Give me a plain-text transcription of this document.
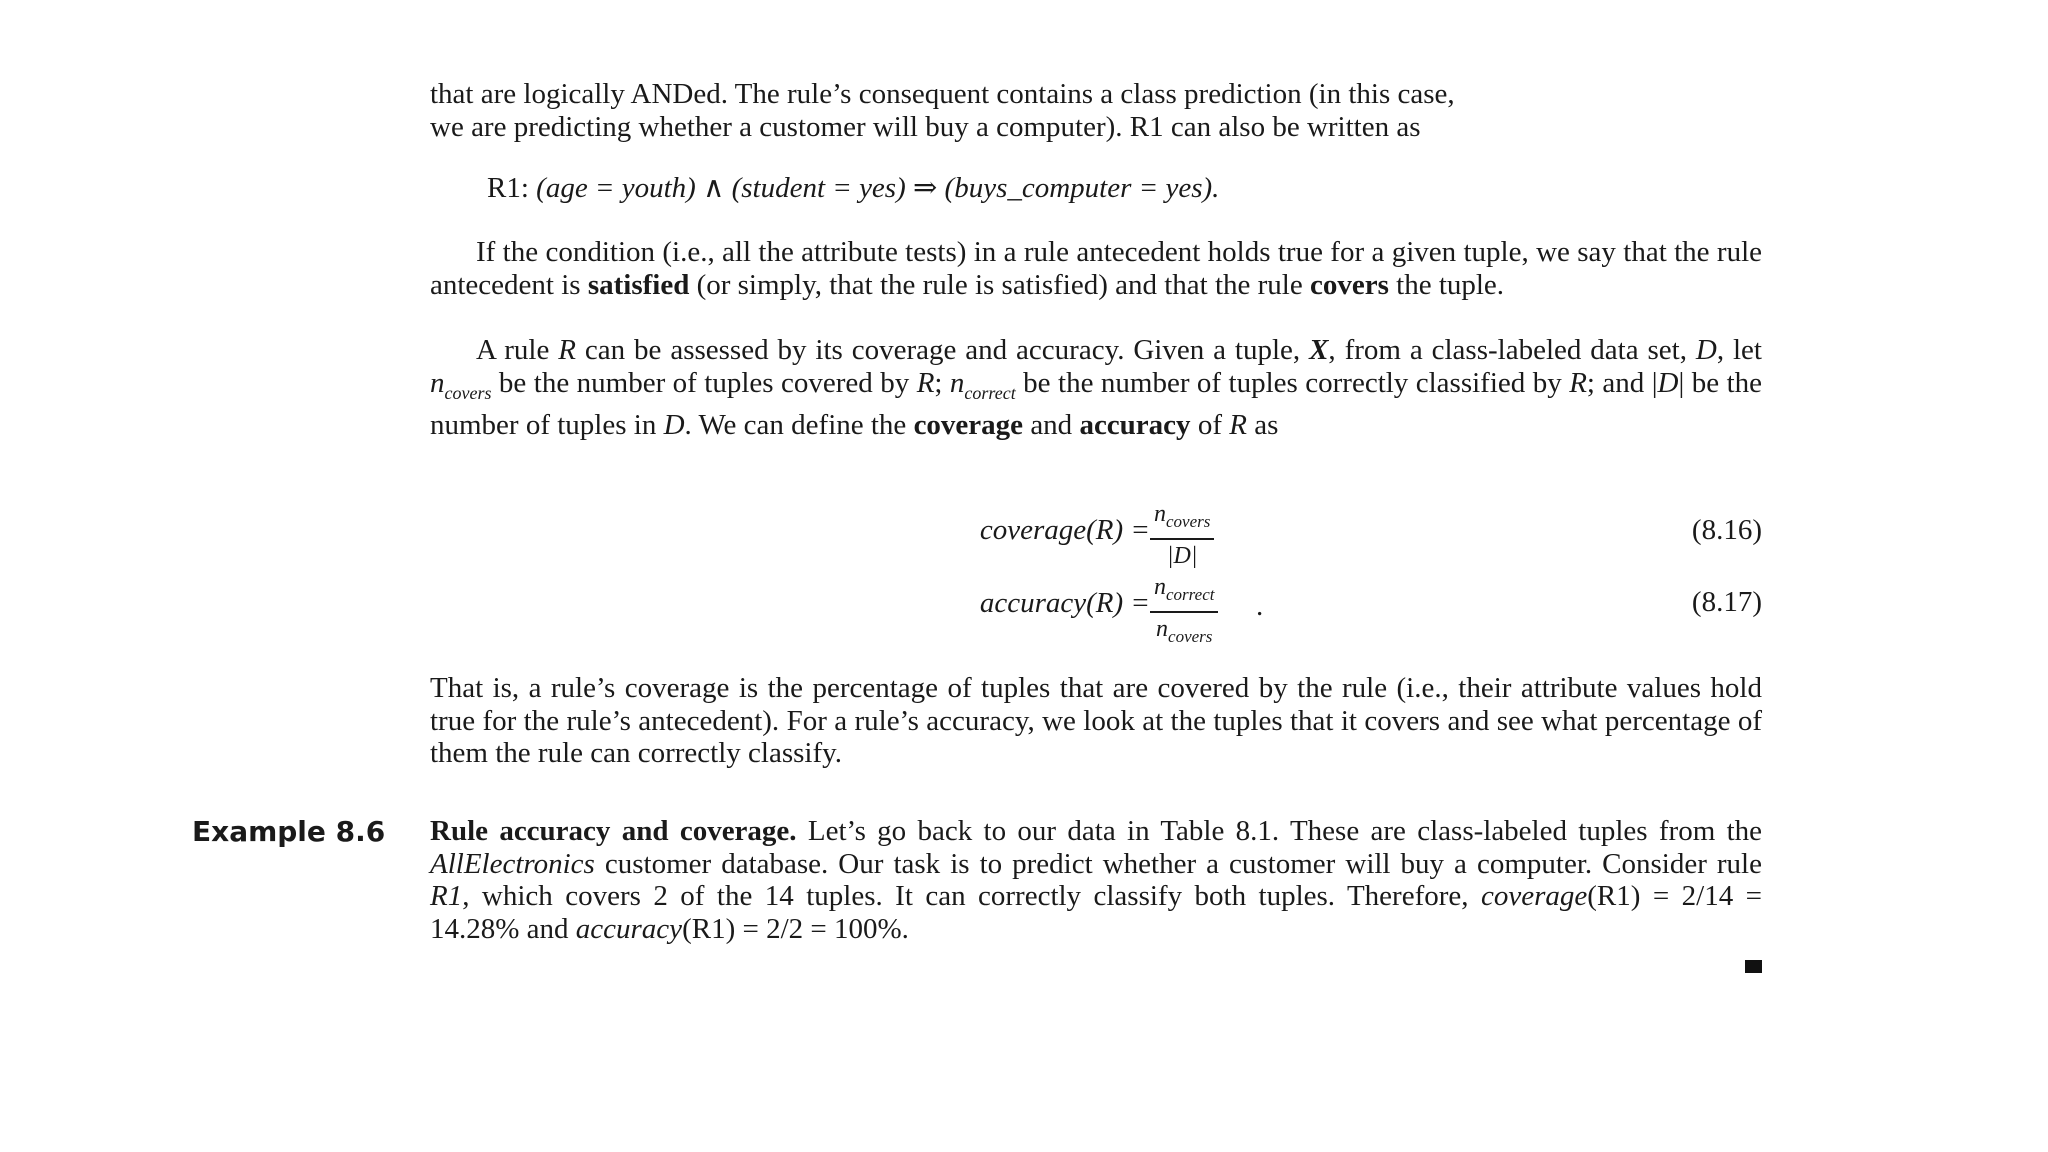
that are logically ANDed. The rule’s consequent contains a class prediction (in this case,
we are predicting whether a customer will buy a computer). R1 can also be written as

R1: (age = youth) ∧ (student = yes) ⇒ (buys_computer = yes).

If the condition (i.e., all the attribute tests) in a rule antecedent holds true for a given tuple, we say that the rule antecedent is satisfied (or simply, that the rule is satisfied) and that the rule covers the tuple.

A rule R can be assessed by its coverage and accuracy. Given a tuple, X, from a class-labeled data set, D, let $n_{covers}$ be the number of tuples covered by R; $n_{correct}$ be the number of tuples correctly classified by R; and |D| be the number of tuples in D. We can define the coverage and accuracy of R as

coverage(R) = $n_{covers}$
|D|
(8.16)
accuracy(R) = $n_{correct}$
$n_{covers}$
.	(8.17)

That is, a rule’s coverage is the percentage of tuples that are covered by the rule (i.e., their attribute values hold true for the rule’s antecedent). For a rule’s accuracy, we look at the tuples that it covers and see what percentage of them the rule can correctly classify.

Example 8.6 Rule accuracy and coverage. Let’s go back to our data in Table 8.1. These are class-labeled tuples from the AllElectronics customer database. Our task is to predict whether a customer will buy a computer. Consider rule R1, which covers 2 of the 14 tuples. It can correctly classify both tuples. Therefore, coverage(R1) = 2/14 = 14.28% and accuracy(R1) = 2/2 = 100%.
